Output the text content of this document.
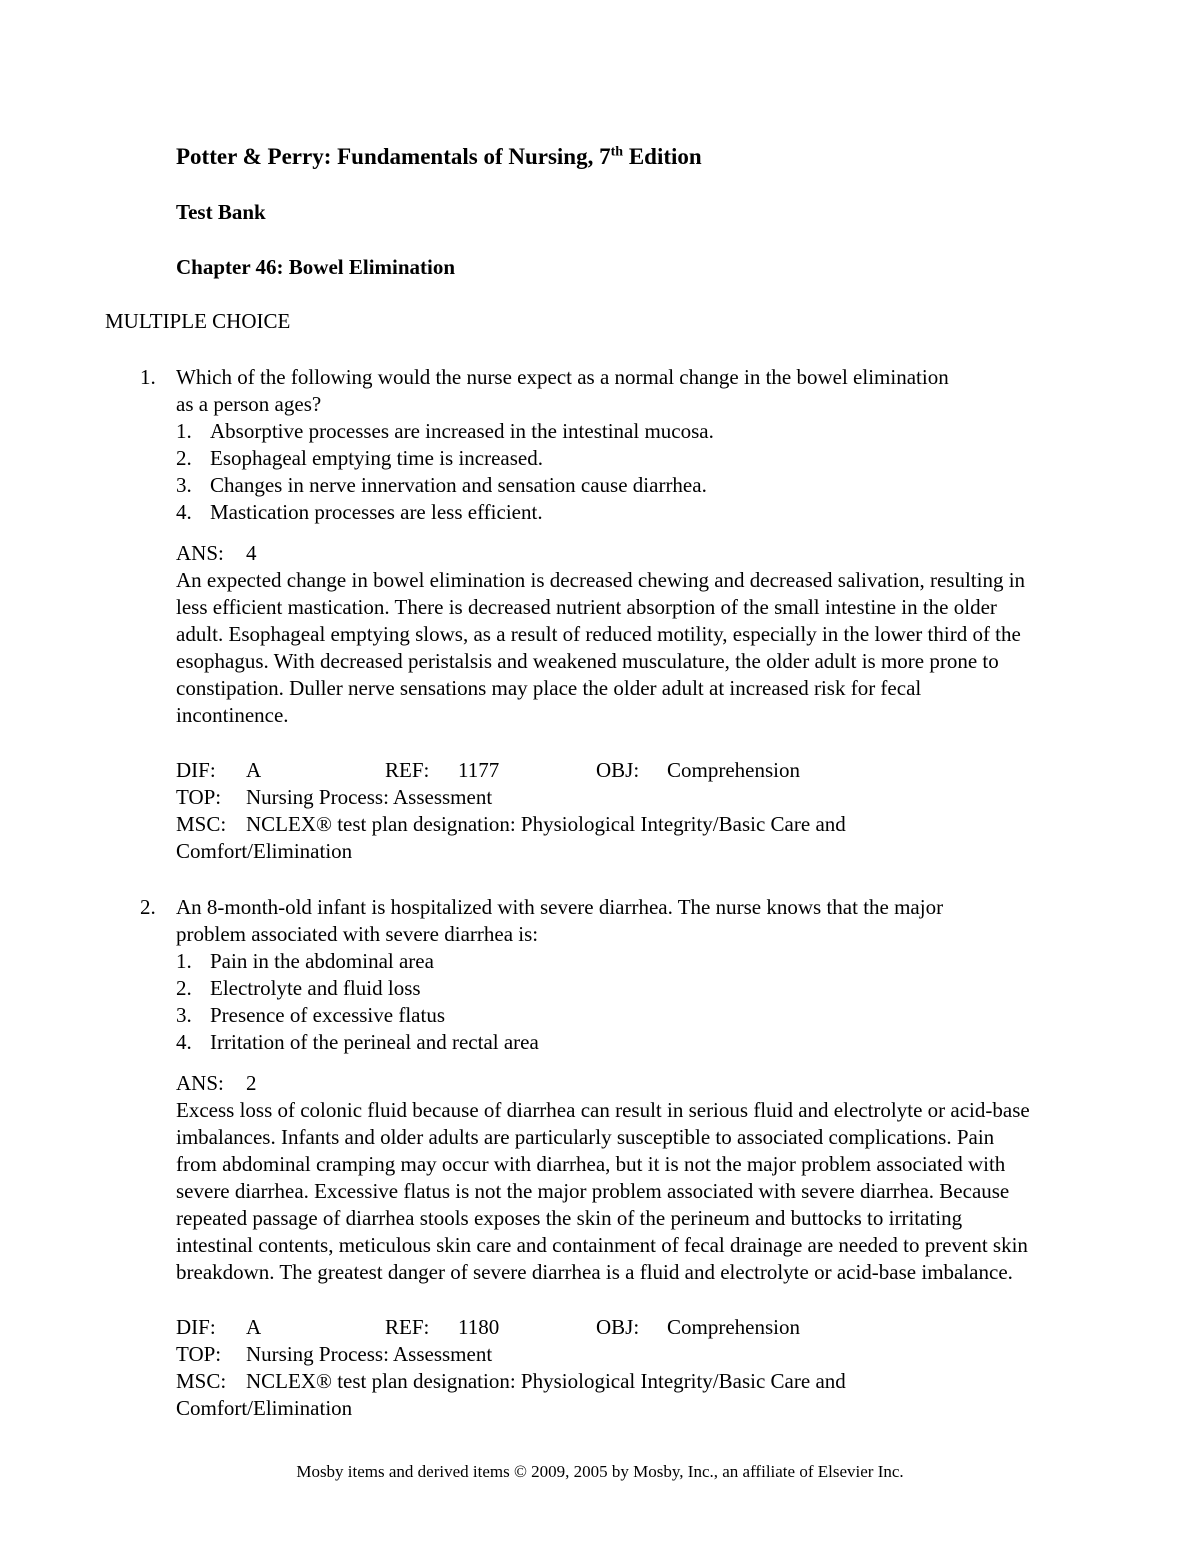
Potter & Perry: Fundamentals of Nursing, 7th Edition
Test Bank
Chapter 46: Bowel Elimination
MULTIPLE CHOICE
1. Which of the following would the nurse expect as a normal change in the bowel elimination as a person ages?
1. Absorptive processes are increased in the intestinal mucosa.
2. Esophageal emptying time is increased.
3. Changes in nerve innervation and sensation cause diarrhea.
4. Mastication processes are less efficient.
ANS: 4
An expected change in bowel elimination is decreased chewing and decreased salivation, resulting in less efficient mastication. There is decreased nutrient absorption of the small intestine in the older adult. Esophageal emptying slows, as a result of reduced motility, especially in the lower third of the esophagus. With decreased peristalsis and weakened musculature, the older adult is more prone to constipation. Duller nerve sensations may place the older adult at increased risk for fecal incontinence.
DIF: A	REF: 1177	OBJ: Comprehension
TOP: Nursing Process: Assessment
MSC: NCLEX® test plan designation: Physiological Integrity/Basic Care and
Comfort/Elimination
2. An 8-month-old infant is hospitalized with severe diarrhea. The nurse knows that the major problem associated with severe diarrhea is:
1. Pain in the abdominal area
2. Electrolyte and fluid loss
3. Presence of excessive flatus
4. Irritation of the perineal and rectal area
ANS: 2
Excess loss of colonic fluid because of diarrhea can result in serious fluid and electrolyte or acid-base imbalances. Infants and older adults are particularly susceptible to associated complications. Pain from abdominal cramping may occur with diarrhea, but it is not the major problem associated with severe diarrhea. Excessive flatus is not the major problem associated with severe diarrhea. Because repeated passage of diarrhea stools exposes the skin of the perineum and buttocks to irritating intestinal contents, meticulous skin care and containment of fecal drainage are needed to prevent skin breakdown. The greatest danger of severe diarrhea is a fluid and electrolyte or acid-base imbalance.
DIF: A	REF: 1180	OBJ: Comprehension
TOP: Nursing Process: Assessment
MSC: NCLEX® test plan designation: Physiological Integrity/Basic Care and
Comfort/Elimination
Mosby items and derived items © 2009, 2005 by Mosby, Inc., an affiliate of Elsevier Inc.
